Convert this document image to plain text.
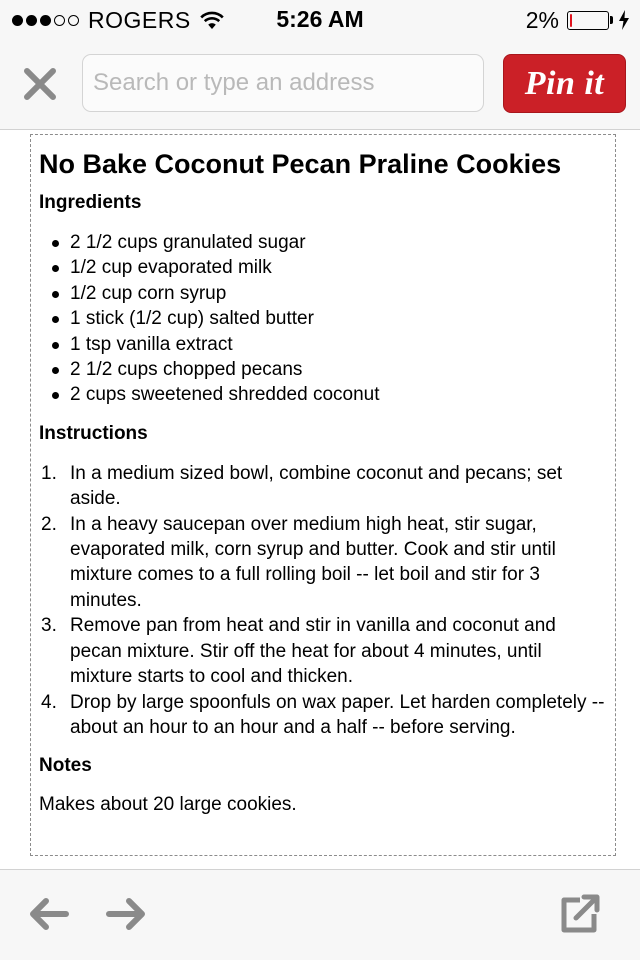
ROGERS	5:26 AM	2%
Search or type an address
Pin it
No Bake Coconut Pecan Praline Cookies
Ingredients
2 1/2 cups granulated sugar
1/2 cup evaporated milk
1/2 cup corn syrup
1 stick (1/2 cup) salted butter
1 tsp vanilla extract
2 1/2 cups chopped pecans
2 cups sweetened shredded coconut
Instructions
1. In a medium sized bowl, combine coconut and pecans; set aside.
2. In a heavy saucepan over medium high heat, stir sugar, evaporated milk, corn syrup and butter. Cook and stir until mixture comes to a full rolling boil -- let boil and stir for 3 minutes.
3. Remove pan from heat and stir in vanilla and coconut and pecan mixture. Stir off the heat for about 4 minutes, until mixture starts to cool and thicken.
4. Drop by large spoonfuls on wax paper. Let harden completely -- about an hour to an hour and a half -- before serving.
Notes

Makes about 20 large cookies.
